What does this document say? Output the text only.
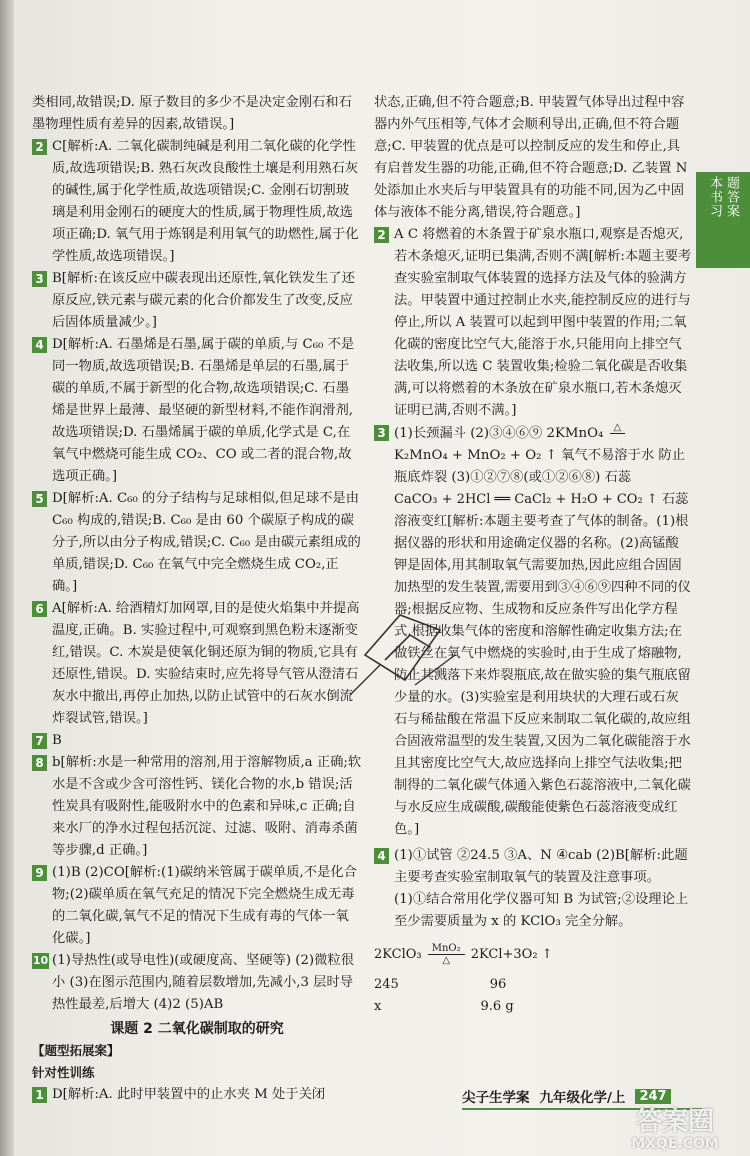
本书习 题答案
类相同,故错误;D. 原子数目的多少不是决定金刚石和石墨物理性质有差异的因素,故错误。]
2 C[解析:A. 二氧化碳制纯碱是利用二氧化碳的化学性质,故选项错误;B. 熟石灰改良酸性土壤是利用熟石灰的碱性,属于化学性质,故选项错误;C. 金刚石切割玻璃是利用金刚石的硬度大的性质,属于物理性质,故选项正确;D. 氧气用于炼钢是利用氧气的助燃性,属于化学性质,故选项错误。]
3 B[解析:在该反应中碳表现出还原性,氧化铁发生了还原反应,铁元素与碳元素的化合价都发生了改变,反应后固体质量减少。]
4 D[解析:A. 石墨烯是石墨,属于碳的单质,与 C₆₀ 不是同一物质,故选项错误;B. 石墨烯是单层的石墨,属于碳的单质,不属于新型的化合物,故选项错误;C. 石墨烯是世界上最薄、最坚硬的新型材料,不能作润滑剂,故选项错误;D. 石墨烯属于碳的单质,化学式是 C,在氧气中燃烧可能生成 CO₂、CO 或二者的混合物,故选项正确。]
5 D[解析:A. C₆₀ 的分子结构与足球相似,但足球不是由 C₆₀ 构成的,错误;B. C₆₀ 是由 60 个碳原子构成的碳分子,所以由分子构成,错误;C. C₆₀ 是由碳元素组成的单质,错误;D. C₆₀ 在氧气中完全燃烧生成 CO₂,正确。]
6 A[解析:A. 给酒精灯加网罩,目的是使火焰集中并提高温度,正确。B. 实验过程中,可观察到黑色粉末逐渐变红,错误。C. 木炭是使氧化铜还原为铜的物质,它具有还原性,错误。D. 实验结束时,应先将导气管从澄清石灰水中撤出,再停止加热,以防止试管中的石灰水倒流炸裂试管,错误。]
7 B
8 b[解析:水是一种常用的溶剂,用于溶解物质,a 正确;软水是不含或少含可溶性钙、镁化合物的水,b 错误;活性炭具有吸附性,能吸附水中的色素和异味,c 正确;自来水厂的净水过程包括沉淀、过滤、吸附、消毒杀菌等步骤,d 正确。]
9 (1)B (2)CO[解析:(1)碳纳米管属于碳单质,不是化合物;(2)碳单质在氧气充足的情况下完全燃烧生成无毒的二氧化碳,氧气不足的情况下生成有毒的气体一氧化碳。]
10 (1)导热性(或导电性)(或硬度高、坚硬等) (2)微粒很小 (3)在图示范围内,随着层数增加,先减小,3 层时导热性最差,后增大 (4)2 (5)AB
课题 2 二氧化碳制取的研究
【题型拓展案】
针对性训练
1 D[解析:A. 此时甲装置中的止水夹 M 处于关闭
状态,正确,但不符合题意;B. 甲装置气体导出过程中容器内外气压相等,气体才会顺利导出,正确,但不符合题意;C. 甲装置的优点是可以控制反应的发生和停止,具有启普发生器的功能,正确,但不符合题意;D. 乙装置 N 处添加止水夹后与甲装置具有的功能不同,因为乙中固体与液体不能分离,错误,符合题意。]
2 A C 将燃着的木条置于矿泉水瓶口,观察是否熄灭,若木条熄灭,证明已集满,否则不满[解析:本题主要考查实验室制取气体装置的选择方法及气体的验满方法。甲装置中通过控制止水夹,能控制反应的进行与停止,所以 A 装置可以起到甲图中装置的作用;二氧化碳的密度比空气大,能溶于水,只能用向上排空气法收集,所以选 C 装置收集;检验二氧化碳是否收集满,可以将燃着的木条放在矿泉水瓶口,若木条熄灭证明已满,否则不满。]
3 (1)长颈漏斗 (2)③④⑥⑨ 2KMnO₄	△

K₂MnO₄ + MnO₂ + O₂ ↑ 氧气不易溶于水 防止瓶底炸裂 (3)①②⑦⑧(或①②⑥⑧) 石蕊
CaCO₃ + 2HCl ══ CaCl₂ + H₂O + CO₂ ↑ 石蕊溶液变红[解析:本题主要考查了气体的制备。(1)根据仪器的形状和用途确定仪器的名称。(2)高锰酸钾是固体,用其制取氧气需要加热,因此应组合固固加热型的发生装置,需要用到③④⑥⑨四种不同的仪器;根据反应物、生成物和反应条件写出化学方程式,根据收集气体的密度和溶解性确定收集方法;在做铁丝在氧气中燃烧的实验时,由于生成了熔融物,防止其溅落下来炸裂瓶底,故在做实验的集气瓶底留少量的水。(3)实验室是利用块状的大理石或石灰石与稀盐酸在常温下反应来制取二氧化碳的,故应组合固液常温型的发生装置,又因为二氧化碳能溶于水且其密度比空气大,故应选择向上排空气法收集;把制得的二氧化碳气体通入紫色石蕊溶液中,二氧化碳与水反应生成碳酸,碳酸能使紫色石蕊溶液变成红色。]
4 (1)①试管 ②24.5 ③A、N ④cab (2)B[解析:此题主要考查实验室制取氧气的装置及注意事项。(1)①结合常用化学仪器可知 B 为试管;②设理论上至少需要质量为 x 的 KClO₃ 完全分解。
2KClO₃	MnO₂
△	2KCl+3O₂ ↑
245	96
x	9.6 g
尖子生学案 九年级化学/上	247
答案圈
MXQE.COM
